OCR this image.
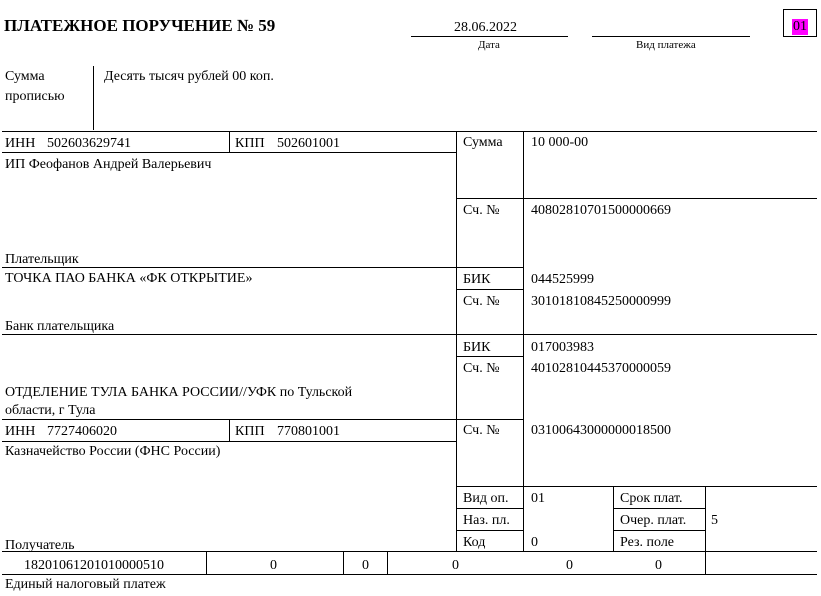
ПЛАТЕЖНОЕ ПОРУЧЕНИЕ № 59	28.06.2022
Дата	Вид платежа
01
Сумма
прописью
Десять тысяч рублей 00 коп.
ИНН 502603629741	КПП 502601001
ИП Феофанов Андрей Валерьевич
Плательщик
Сумма 10 000-00
Сч. № 40802810701500000669
ТОЧКА ПАО БАНКА «ФК ОТКРЫТИЕ»
Банк плательщика
БИК	044525999
Сч. № 30101810845250000999
БИК	017003983
Сч. № 40102810445370000059
ОТДЕЛЕНИЕ ТУЛА БАНКА РОССИИ//УФК по Тульской
области, г Тула
ИНН 7727406020	КПП 770801001
Казначейство России (ФНС России)
Сч. № 03100643000000018500
Получатель
Вид оп. 01
Наз. пл.
Код	0
Срок плат.
Очер. плат. 5
Рез. поле
18201061201010000510	0	0	0	0	0
Единый налоговый платеж
